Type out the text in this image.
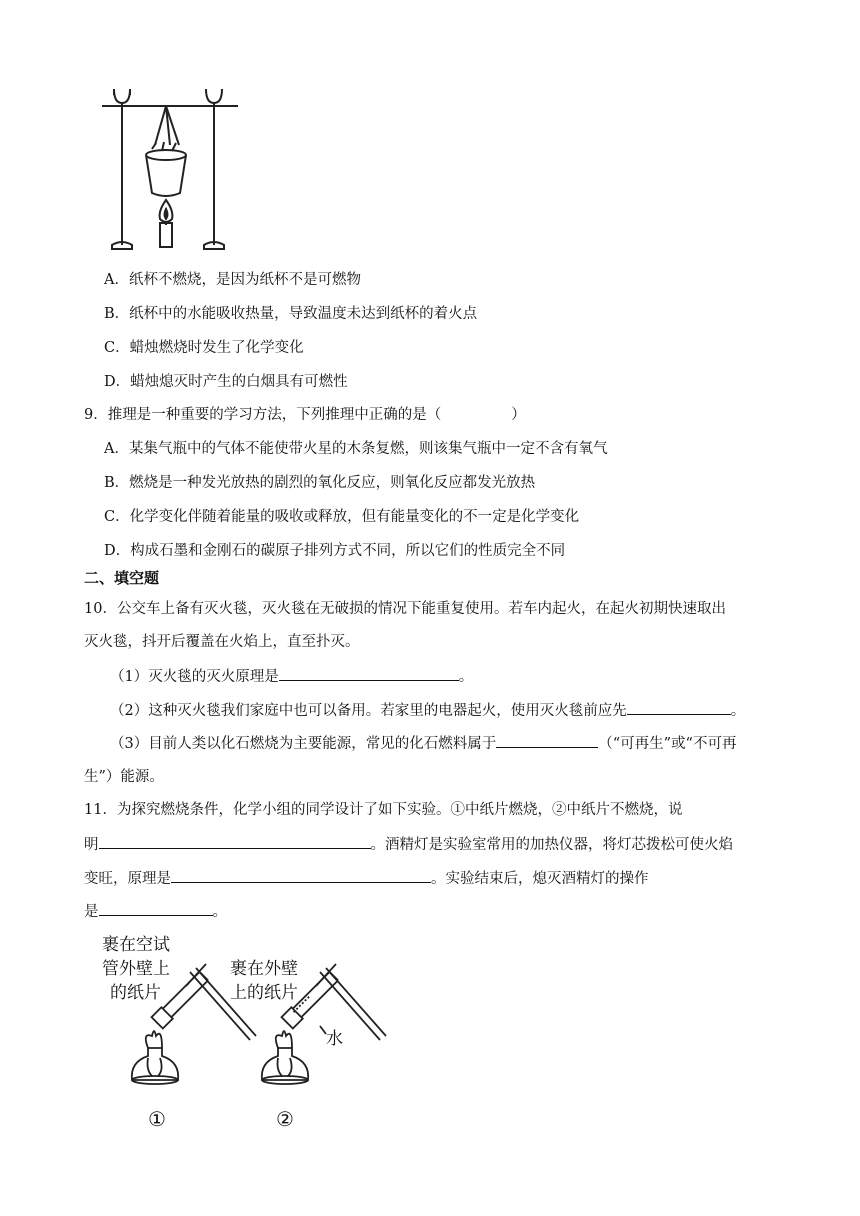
A．纸杯不燃烧，是因为纸杯不是可燃物
B．纸杯中的水能吸收热量，导致温度未达到纸杯的着火点
C．蜡烛燃烧时发生了化学变化
D．蜡烛熄灭时产生的白烟具有可燃性
9．推理是一种重要的学习方法，下列推理中正确的是（	）
A．某集气瓶中的气体不能使带火星的木条复燃，则该集气瓶中一定不含有氧气
B．燃烧是一种发光放热的剧烈的氧化反应，则氧化反应都发光放热
C．化学变化伴随着能量的吸收或释放，但有能量变化的不一定是化学变化
D．构成石墨和金刚石的碳原子排列方式不同，所以它们的性质完全不同
二、填空题
10．公交车上备有灭火毯，灭火毯在无破损的情况下能重复使用。若车内起火，在起火初期快速取出
灭火毯，抖开后覆盖在火焰上，直至扑灭。
（1）灭火毯的灭火原理是	。
（2）这种灭火毯我们家庭中也可以备用。若家里的电器起火，使用灭火毯前应先	。
（3）目前人类以化石燃烧为主要能源，常见的化石燃料属于	（“可再生”或“不可再
生”）能源。
11．为探究燃烧条件，化学小组的同学设计了如下实验。①中纸片燃烧，②中纸片不燃烧，说
明	。酒精灯是实验室常用的加热仪器，将灯芯拨松可使火焰
变旺，原理是	。实验结束后，熄灭酒精灯的操作
是	。
裹在空试
管外壁上
的纸片
裹在外壁
上的纸片
水
①	②
